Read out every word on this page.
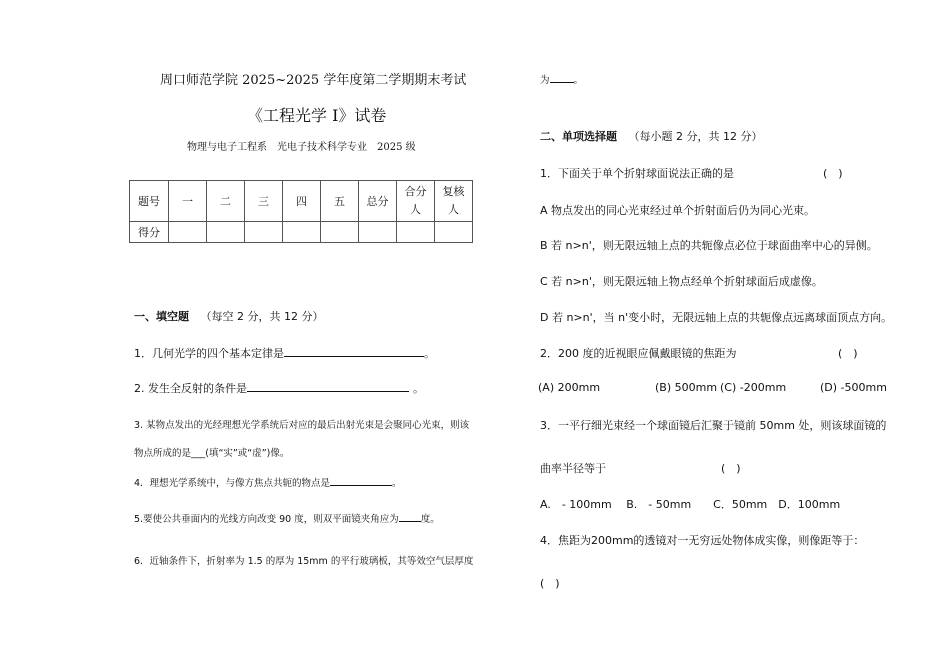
周口师范学院 2025~2025 学年度第二学期期末考试
《工程光学 I》试卷
物理与电子工程系　光电子技术科学专业　2025 级
题号	一	二	三	四	五	总分	合分人	复核人

得分								
一、填空题 （每空 2 分，共 12 分）
1．几何光学的四个基本定律是	。
2. 发生全反射的条件是	。
3. 某物点发出的光经理想光学系统后对应的最后出射光束是会聚同心光束，则该
物点所成的是___(填“实”或“虚”)像。
4．理想光学系统中，与像方焦点共轭的物点是	。
5.要使公共垂面内的光线方向改变 90 度，则双平面镜夹角应为 度。
6．近轴条件下，折射率为 1.5 的厚为 15mm 的平行玻璃板，其等效空气层厚度
为	。
二、单项选择题 （每小题 2 分，共 12 分）
1．下面关于单个折射球面说法正确的是	(　)
A 物点发出的同心光束经过单个折射面后仍为同心光束。
B 若 n>n'，则无限远轴上点的共轭像点必位于球面曲率中心的异侧。
C 若 n>n'，则无限远轴上物点经单个折射球面后成虚像。
D 若 n>n'，当 n'变小时，无限远轴上点的共轭像点远离球面顶点方向。
2．200 度的近视眼应佩戴眼镜的焦距为	(　)
(A) 200mm	(B) 500mm (C) -200mm	(D) -500mm
3．一平行细光束经一个球面镜后汇聚于镜前 50mm 处，则该球面镜的
曲率半径等于	(　)
A.　- 100mm　 B.　- 50mm　　C．50mm　D．100mm
4．焦距为200mm的透镜对一无穷远处物体成实像，则像距等于：
(　)
